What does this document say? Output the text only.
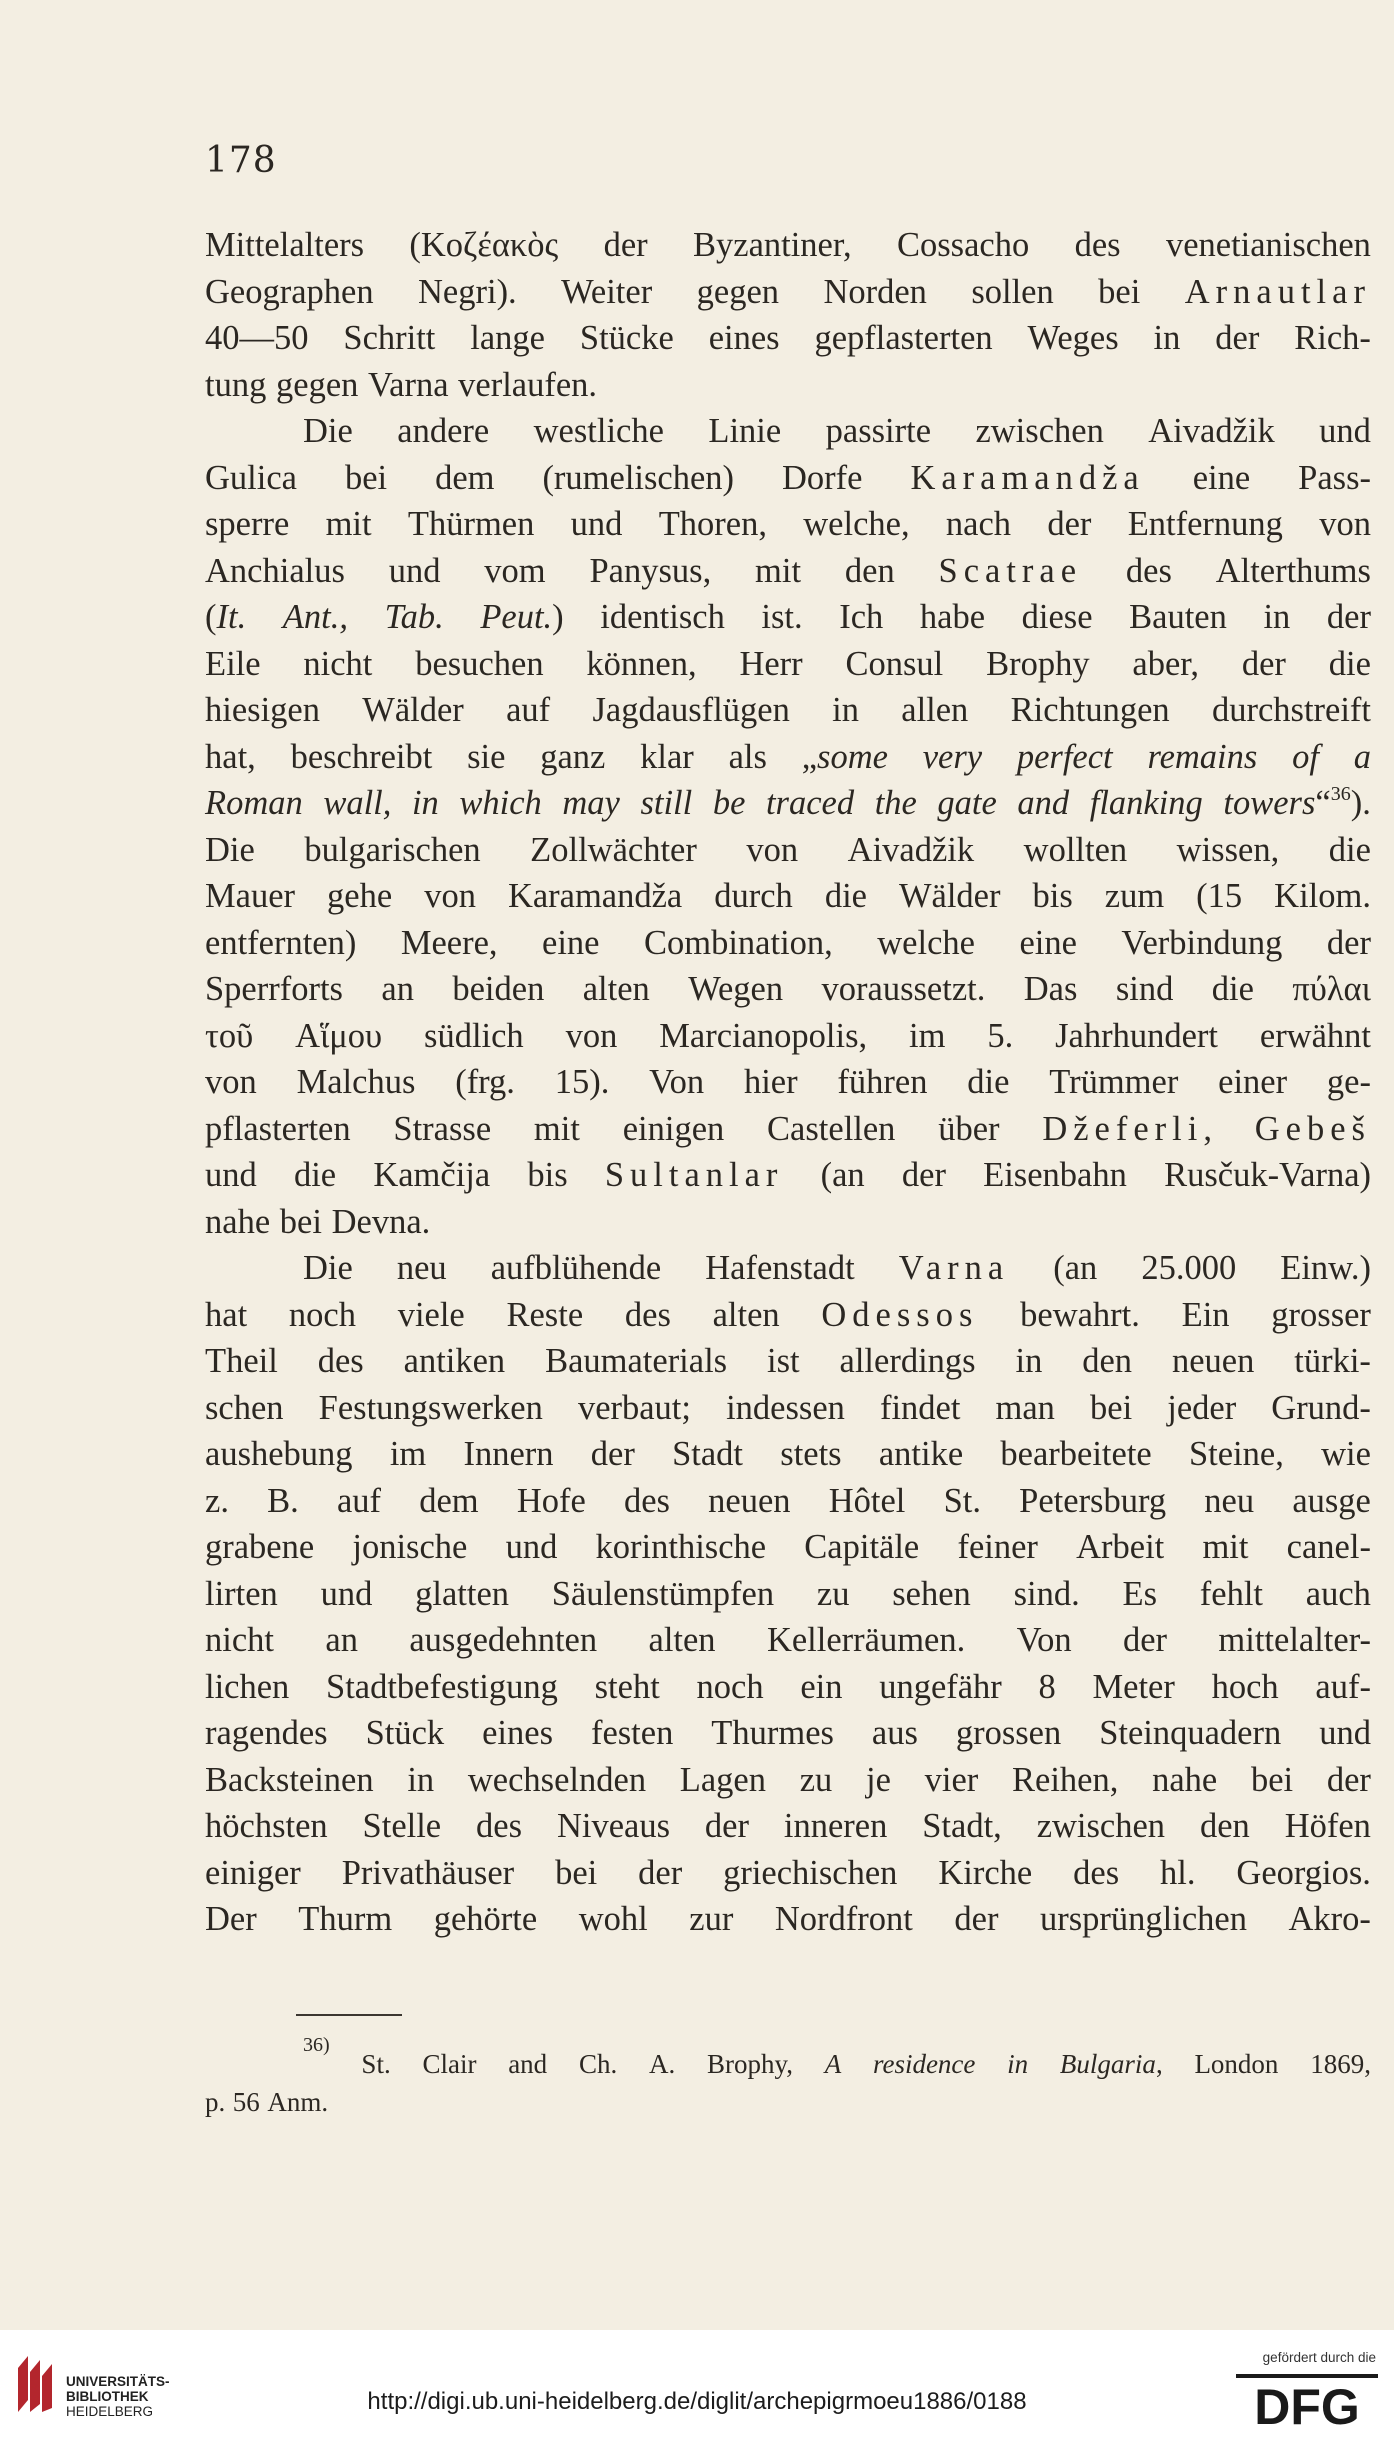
178
Mittelalters (Κοζέακὸς der Byzantiner, Cossacho des venetianischen
Geographen Negri). Weiter gegen Norden sollen bei Arnautlar
40—50 Schritt lange Stücke eines gepflasterten Weges in der Rich-
tung gegen Varna verlaufen.
Die andere westliche Linie passirte zwischen Aivadžik und
Gulica bei dem (rumelischen) Dorfe Karamandža eine Pass-
sperre mit Thürmen und Thoren, welche, nach der Entfernung von
Anchialus und vom Panysus, mit den Scatrae des Alterthums
(It. Ant., Tab. Peut.) identisch ist. Ich habe diese Bauten in der
Eile nicht besuchen können, Herr Consul Brophy aber, der die
hiesigen Wälder auf Jagdausflügen in allen Richtungen durchstreift
hat, beschreibt sie ganz klar als „some very perfect remains of a
Roman wall, in which may still be traced the gate and flanking towers“$^{36}$).
Die bulgarischen Zollwächter von Aivadžik wollten wissen, die
Mauer gehe von Karamandža durch die Wälder bis zum (15 Kilom.
entfernten) Meere, eine Combination, welche eine Verbindung der
Sperrforts an beiden alten Wegen voraussetzt. Das sind die πύλαι
τοῦ Αἵμου südlich von Marcianopolis, im 5. Jahrhundert erwähnt
von Malchus (frg. 15). Von hier führen die Trümmer einer ge-
pflasterten Strasse mit einigen Castellen über Džeferli, Gebeš
und die Kamčija bis Sultanlar (an der Eisenbahn Rusčuk-Varna)
nahe bei Devna.
Die neu aufblühende Hafenstadt Varna (an 25.000 Einw.)
hat noch viele Reste des alten Odessos bewahrt. Ein grosser
Theil des antiken Baumaterials ist allerdings in den neuen türki-
schen Festungswerken verbaut; indessen findet man bei jeder Grund-
aushebung im Innern der Stadt stets antike bearbeitete Steine, wie
z. B. auf dem Hofe des neuen Hôtel St. Petersburg neu ausge
grabene jonische und korinthische Capitäle feiner Arbeit mit canel-
lirten und glatten Säulenstümpfen zu sehen sind. Es fehlt auch
nicht an ausgedehnten alten Kellerräumen. Von der mittelalter-
lichen Stadtbefestigung steht noch ein ungefähr 8 Meter hoch auf-
ragendes Stück eines festen Thurmes aus grossen Steinquadern und
Backsteinen in wechselnden Lagen zu je vier Reihen, nahe bei der
höchsten Stelle des Niveaus der inneren Stadt, zwischen den Höfen
einiger Privathäuser bei der griechischen Kirche des hl. Georgios.
Der Thurm gehörte wohl zur Nordfront der ursprünglichen Akro-
36)
St. Clair and Ch. A. Brophy, A residence in Bulgaria, London 1869,
p. 56 Anm.
UNIVERSITÄTS-
BIBLIOTHEK
HEIDELBERG	http://digi.ub.uni-heidelberg.de/diglit/archepigrmoeu1886/0188
gefördert durch die
DFG
